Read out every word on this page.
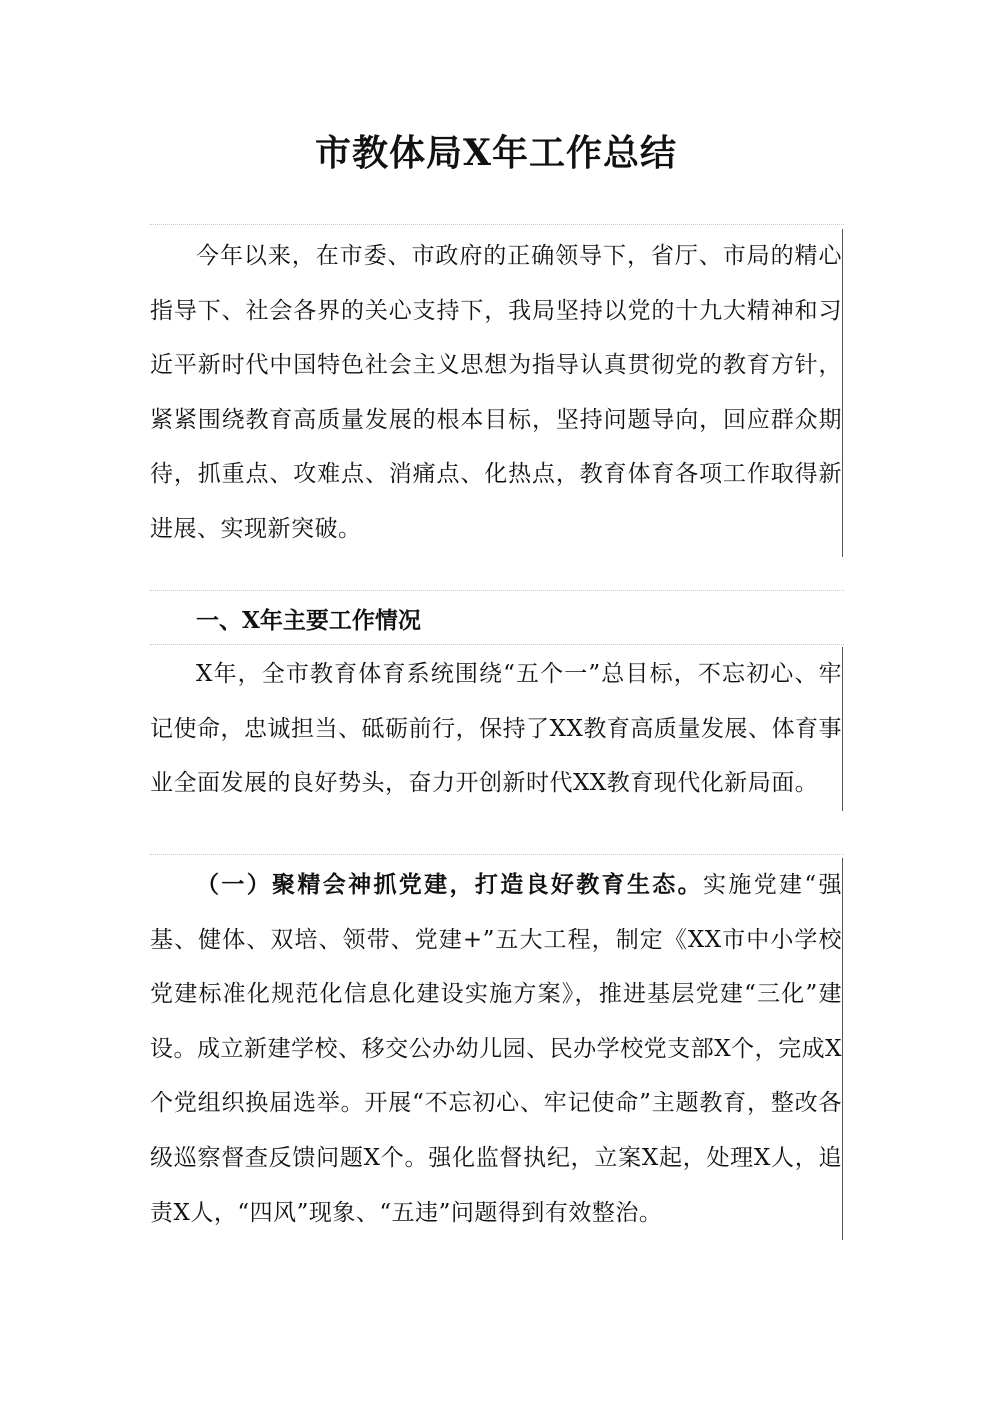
市教体局X年工作总结

今年以来，在市委、市政府的正确领导下，省厅、市局的精心指导下、社会各界的关心支持下，我局坚持以党的十九大精神和习近平新时代中国特色社会主义思想为指导认真贯彻党的教育方针，紧紧围绕教育高质量发展的根本目标，坚持问题导向，回应群众期待，抓重点、攻难点、消痛点、化热点，教育体育各项工作取得新进展、实现新突破。

一、X年主要工作情况

X年，全市教育体育系统围绕“五个一”总目标，不忘初心、牢记使命，忠诚担当、砥砺前行，保持了XX教育高质量发展、体育事业全面发展的良好势头，奋力开创新时代XX教育现代化新局面。

（一）聚精会神抓党建，打造良好教育生态。实施党建“强基、健体、双培、领带、党建+”五大工程，制定《XX市中小学校党建标准化规范化信息化建设实施方案》，推进基层党建“三化”建设。成立新建学校、移交公办幼儿园、民办学校党支部X个，完成X个党组织换届选举。开展“不忘初心、牢记使命”主题教育，整改各级巡察督查反馈问题X个。强化监督执纪，立案X起，处理X人，追责X人，“四风”现象、“五违”问题得到有效整治。
